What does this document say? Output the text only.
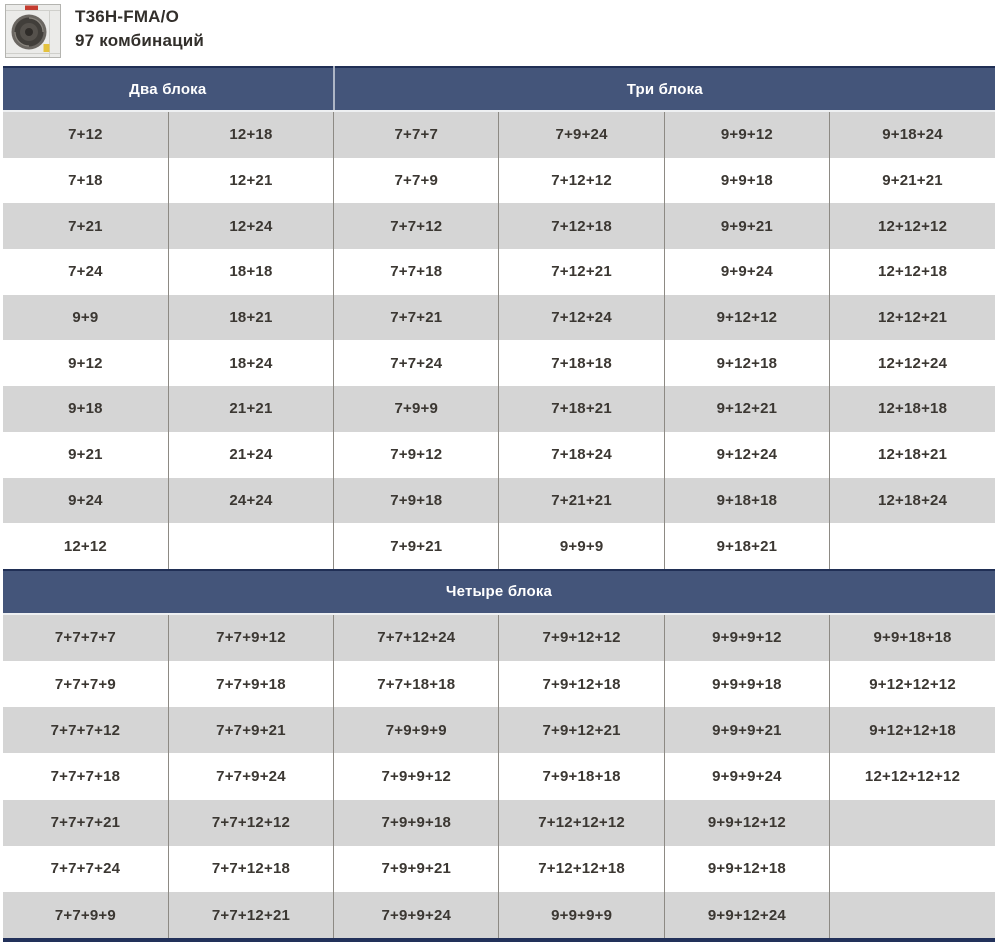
T36H-FMA/O
97 комбинаций
Два блока		Три блока			
7+12	12+18	7+7+7	7+9+24	9+9+12	9+18+24
7+18	12+21	7+7+9	7+12+12	9+9+18	9+21+21
7+21	12+24	7+7+12	7+12+18	9+9+21	12+12+12
7+24	18+18	7+7+18	7+12+21	9+9+24	12+12+18
9+9	18+21	7+7+21	7+12+24	9+12+12	12+12+21
9+12	18+24	7+7+24	7+18+18	9+12+18	12+12+24
9+18	21+21	7+9+9	7+18+21	9+12+21	12+18+18
9+21	21+24	7+9+12	7+18+24	9+12+24	12+18+21
9+24	24+24	7+9+18	7+21+21	9+18+18	12+18+24
12+12		7+9+21	9+9+9	9+18+21	
Четыре блока					
7+7+7+7	7+7+9+12	7+7+12+24	7+9+12+12	9+9+9+12	9+9+18+18
7+7+7+9	7+7+9+18	7+7+18+18	7+9+12+18	9+9+9+18	9+12+12+12
7+7+7+12	7+7+9+21	7+9+9+9	7+9+12+21	9+9+9+21	9+12+12+18
7+7+7+18	7+7+9+24	7+9+9+12	7+9+18+18	9+9+9+24	12+12+12+12
7+7+7+21	7+7+12+12	7+9+9+18	7+12+12+12	9+9+12+12	
7+7+7+24	7+7+12+18	7+9+9+21	7+12+12+18	9+9+12+18	
7+7+9+9	7+7+12+21	7+9+9+24	9+9+9+9	9+9+12+24	
